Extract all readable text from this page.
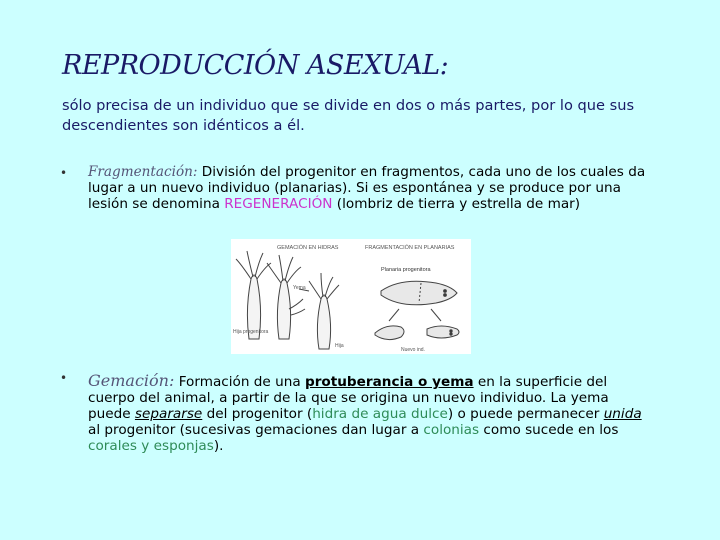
REPRODUCCIÓN ASEXUAL:
sólo precisa de un individuo que se divide en dos o más partes, por lo que sus descendientes son idénticos a él.
• Fragmentación: División del progenitor en fragmentos, cada uno de los cuales da lugar a un nuevo individuo (planarias). Si es espontánea y se produce por una lesión se denomina REGENERACIÓN (lombriz de tierra y estrella de mar)
GEMACIÓN EN HIDRAS
Yema
Hija progenitora
Hija
FRAGMENTACIÓN EN PLANARIAS
Planaria progenitora
Nuevo ind.
• Gemación: Formación de una protuberancia o yema en la superficie del cuerpo del animal, a partir de la que se origina un nuevo individuo. La yema puede separarse del progenitor (hidra de agua dulce) o puede permanecer unida al progenitor (sucesivas gemaciones dan lugar a colonias como sucede en los corales y esponjas).
